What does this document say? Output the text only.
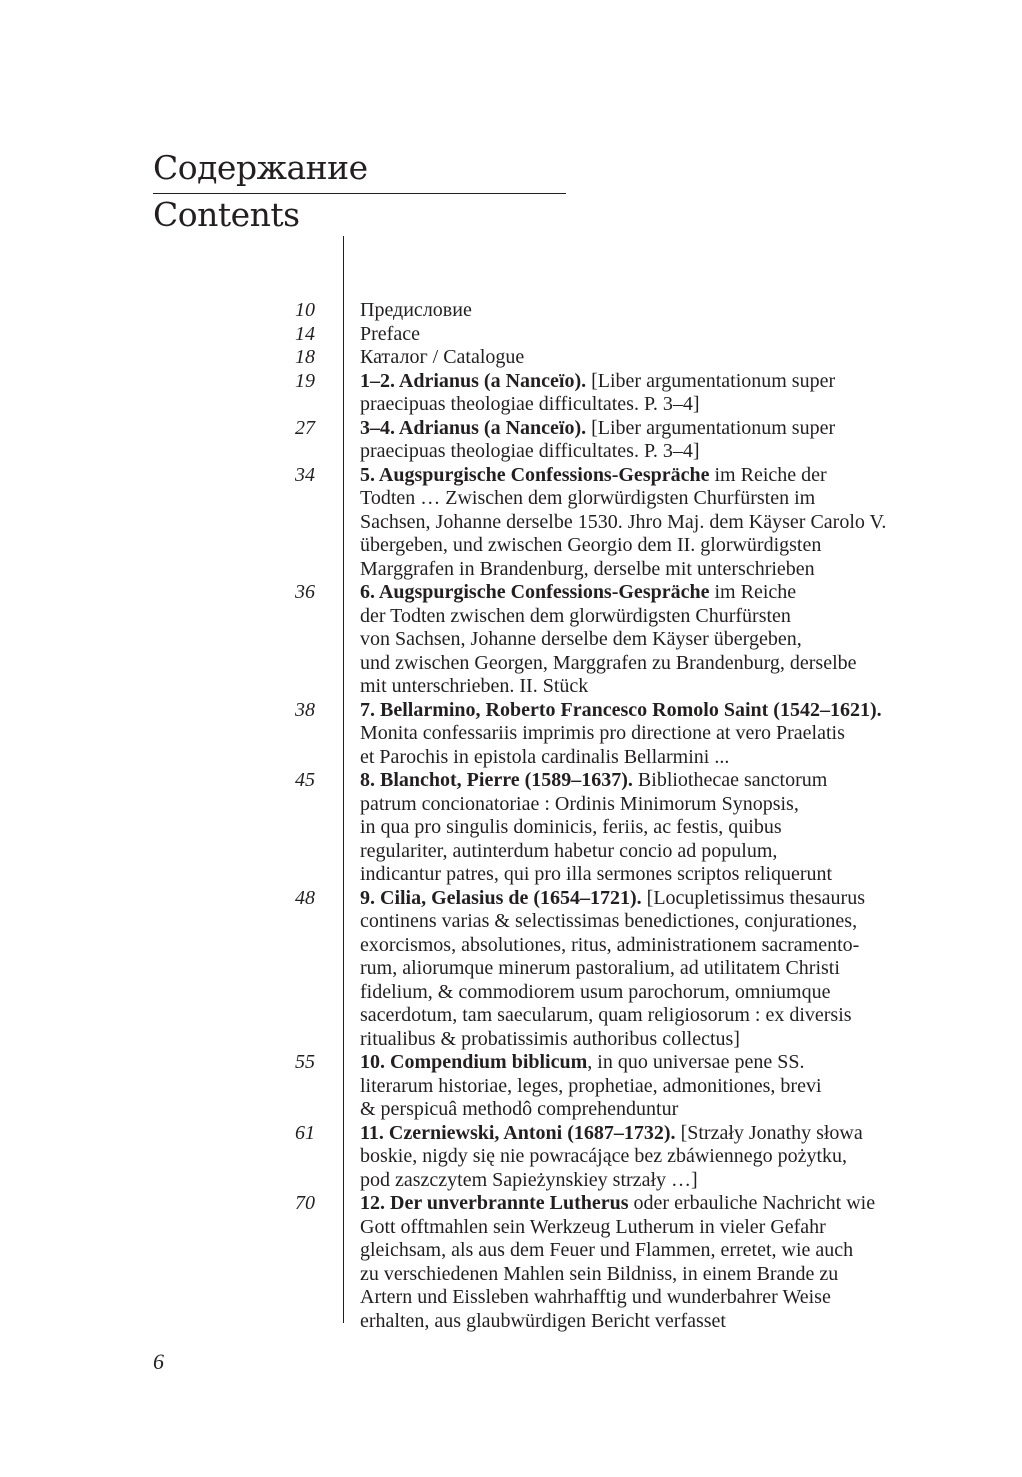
Содержание
Contents
10 Предисловие
14 Preface
18 Каталог / Catalogue
19 1–2. Adrianus (a Nanceïo). [Liber argumentationum super
praecipuas theologiae difficultates. P. 3–4]
27 3–4. Adrianus (a Nanceïo). [Liber argumentationum super
praecipuas theologiae difficultates. P. 3–4]
34 5. Augspurgische Confessions-Gespräche im Reiche der
Todten … Zwischen dem glorwürdigsten Churfürsten im
Sachsen, Johanne derselbe 1530. Jhro Maj. dem Käyser Carolo V.
übergeben, und zwischen Georgio dem II. glorwürdigsten
Marggrafen in Brandenburg, derselbe mit unterschrieben
36 6. Augspurgische Confessions-Gespräche im Reiche
der Todten zwischen dem glorwürdigsten Churfürsten
von Sachsen, Johanne derselbe dem Käyser übergeben,
und zwischen Georgen, Marggrafen zu Brandenburg, derselbe
mit unterschrieben. II. Stück
38 7. Bellarmino, Roberto Francesco Romolo Saint (1542–1621).
Monita confessariis imprimis pro directione at vero Praelatis
et Parochis in epistola cardinalis Bellarmini ...
45 8. Blanchot, Pierre (1589–1637). Bibliothecae sanctorum
patrum concionatoriae : Ordinis Minimorum Synopsis,
in qua pro singulis dominicis, feriis, ac festis, quibus
regulariter, autinterdum habetur concio ad populum,
indicantur patres, qui pro illa sermones scriptos reliquerunt
48 9. Cilia, Gelasius de (1654–1721). [Locupletissimus thesaurus
continens varias & selectissimas benedictiones, conjurationes,
exorcismos, absolutiones, ritus, administrationem sacramento-
rum, aliorumque minerum pastoralium, ad utilitatem Christi
fidelium, & commodiorem usum parochorum, omniumque
sacerdotum, tam saecularum, quam religiosorum : ex diversis
ritualibus & probatissimis authoribus collectus]
55 10. Compendium biblicum, in quo universae pene SS.
literarum historiae, leges, prophetiae, admonitiones, brevi
& perspicuâ methodô comprehenduntur
61 11. Czerniewski, Antoni (1687–1732). [Strzały Jonathy słowa
boskie, nigdy się nie powracájące bez zbáwiennego pożytku,
pod zaszczytem Sapieżynskiey strzały …]
70 12. Der unverbrannte Lutherus oder erbauliche Nachricht wie
Gott offtmahlen sein Werkzeug Lutherum in vieler Gefahr
gleichsam, als aus dem Feuer und Flammen, erretet, wie auch
zu verschiedenen Mahlen sein Bildniss, in einem Brande zu
Artern und Eissleben wahrhafftig und wunderbahrer Weise
erhalten, aus glaubwürdigen Bericht verfasset
6
